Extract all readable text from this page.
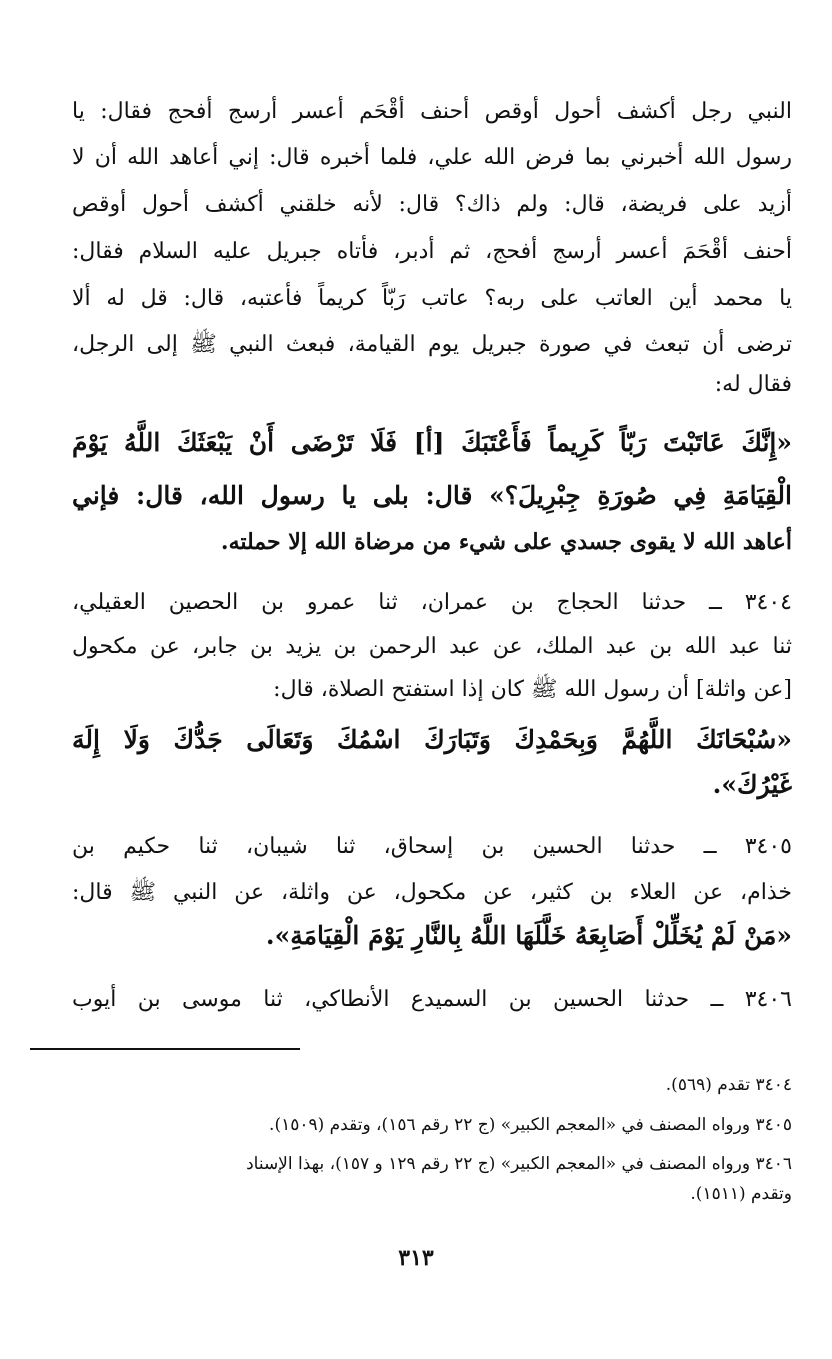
النبي رجل أكشف أحول أوقص أحنف أقْحَم أعسر أرسج أفحج فقال: يا
رسول الله أخبرني بما فرض الله علي، فلما أخبره قال: إني أعاهد الله أن لا
أزيد على فريضة، قال: ولم ذاك؟ قال: لأنه خلقني أكشف أحول أوقص
أحنف أقْحَمَ أعسر أرسج أفحج، ثم أدبر، فأتاه جبريل عليه السلام فقال:
يا محمد أين العاتب على ربه؟ عاتب رَبّاً كريماً فأعتبه، قال: قل له ألا
ترضى أن تبعث في صورة جبريل يوم القيامة، فبعث النبي ﷺ إلى الرجل،
فقال له:
«إِنَّكَ عَاتَبْتَ رَبّاً كَرِيماً فَأَعْتَبَكَ [أ] فَلَا تَرْضَى أَنْ يَبْعَثَكَ اللَّهُ يَوْمَ
الْقِيَامَةِ فِي صُورَةِ جِبْرِيلَ؟» قال: بلى يا رسول الله، قال: فإني
أعاهد الله لا يقوى جسدي على شيء من مرضاة الله إلا حملته.
٣٤٠٤ ــ حدثنا الحجاج بن عمران، ثنا عمرو بن الحصين العقيلي،
ثنا عبد الله بن عبد الملك، عن عبد الرحمن بن يزيد بن جابر، عن مكحول
[عن واثلة] أن رسول الله ﷺ كان إذا استفتح الصلاة، قال:
«سُبْحَانَكَ اللَّهُمَّ وَبِحَمْدِكَ وَتَبَارَكَ اسْمُكَ وَتَعَالَى جَدُّكَ وَلَا إِلَهَ
غَيْرُكَ».
٣٤٠٥ ــ حدثنا الحسين بن إسحاق، ثنا شيبان، ثنا حكيم بن
خذام، عن العلاء بن كثير، عن مكحول، عن واثلة، عن النبي ﷺ قال:
«مَنْ لَمْ يُخَلِّلْ أَصَابِعَهُ خَلَّلَهَا اللَّهُ بِالنَّارِ يَوْمَ الْقِيَامَةِ».
٣٤٠٦ ــ حدثنا الحسين بن السميدع الأنطاكي، ثنا موسى بن أيوب
٣٤٠٤ تقدم (٥٦٩).
٣٤٠٥ ورواه المصنف في «المعجم الكبير» (ج ٢٢ رقم ١٥٦)، وتقدم (١٥٠٩).
٣٤٠٦ ورواه المصنف في «المعجم الكبير» (ج ٢٢ رقم ١٢٩ و ١٥٧)، بهذا الإسناد
وتقدم (١٥١١).
٣١٣
